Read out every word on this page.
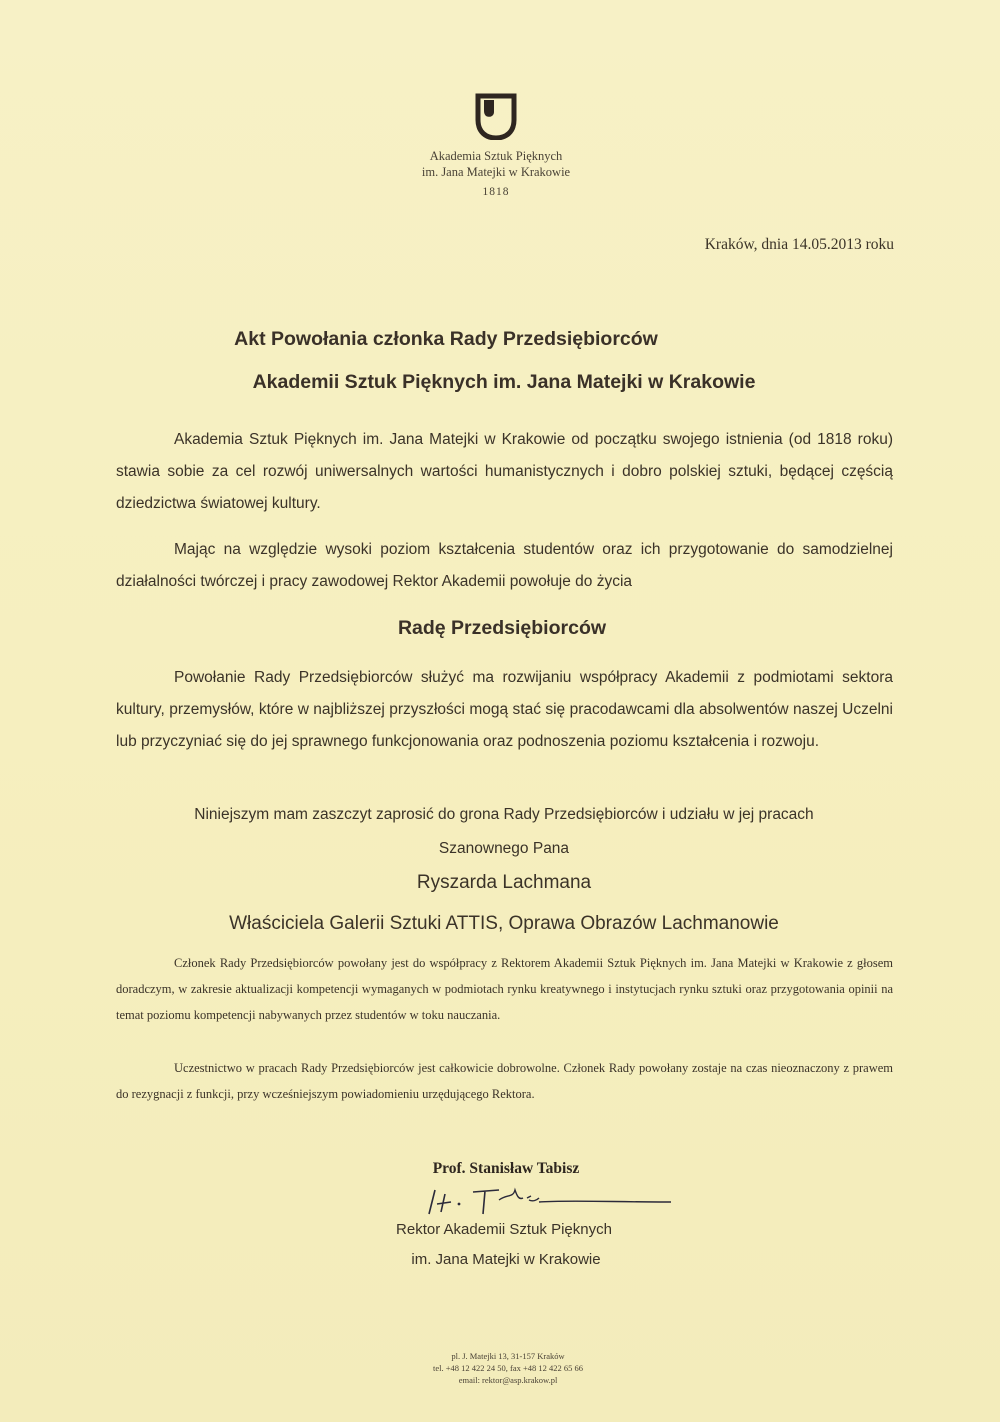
Akademia Sztuk Pięknych
im. Jana Matejki w Krakowie
1818
Kraków, dnia 14.05.2013 roku
Akt Powołania członka Rady Przedsiębiorców
Akademii Sztuk Pięknych im. Jana Matejki w Krakowie

Akademia Sztuk Pięknych im. Jana Matejki w Krakowie od początku swojego istnienia (od 1818 roku) stawia sobie za cel rozwój uniwersalnych wartości humanistycznych i dobro polskiej sztuki, będącej częścią dziedzictwa światowej kultury.

Mając na względzie wysoki poziom kształcenia studentów oraz ich przygotowanie do samodzielnej działalności twórczej i pracy zawodowej Rektor Akademii powołuje do życia

Radę Przedsiębiorców

Powołanie Rady Przedsiębiorców służyć ma rozwijaniu współpracy Akademii z podmiotami sektora kultury, przemysłów, które w najbliższej przyszłości mogą stać się pracodawcami dla absolwentów naszej Uczelni lub przyczyniać się do jej sprawnego funkcjonowania oraz podnoszenia poziomu kształcenia i rozwoju.

Niniejszym mam zaszczyt zaprosić do grona Rady Przedsiębiorców i udziału w jej pracach
Szanownego Pana
Ryszarda Lachmana
Właściciela Galerii Sztuki ATTIS, Oprawa Obrazów Lachmanowie

Członek Rady Przedsiębiorców powołany jest do współpracy z Rektorem Akademii Sztuk Pięknych im. Jana Matejki w Krakowie z głosem doradczym, w zakresie aktualizacji kompetencji wymaganych w podmiotach rynku kreatywnego i instytucjach rynku sztuki oraz przygotowania opinii na temat poziomu kompetencji nabywanych przez studentów w toku nauczania.

Uczestnictwo w pracach Rady Przedsiębiorców jest całkowicie dobrowolne. Członek Rady powołany zostaje na czas nieoznaczony z prawem do rezygnacji z funkcji, przy wcześniejszym powiadomieniu urzędującego Rektora.

Prof. Stanisław Tabisz
Rektor Akademii Sztuk Pięknych
im. Jana Matejki w Krakowie
pl. J. Matejki 13, 31-157 Kraków
tel. +48 12 422 24 50, fax +48 12 422 65 66
email: rektor@asp.krakow.pl
